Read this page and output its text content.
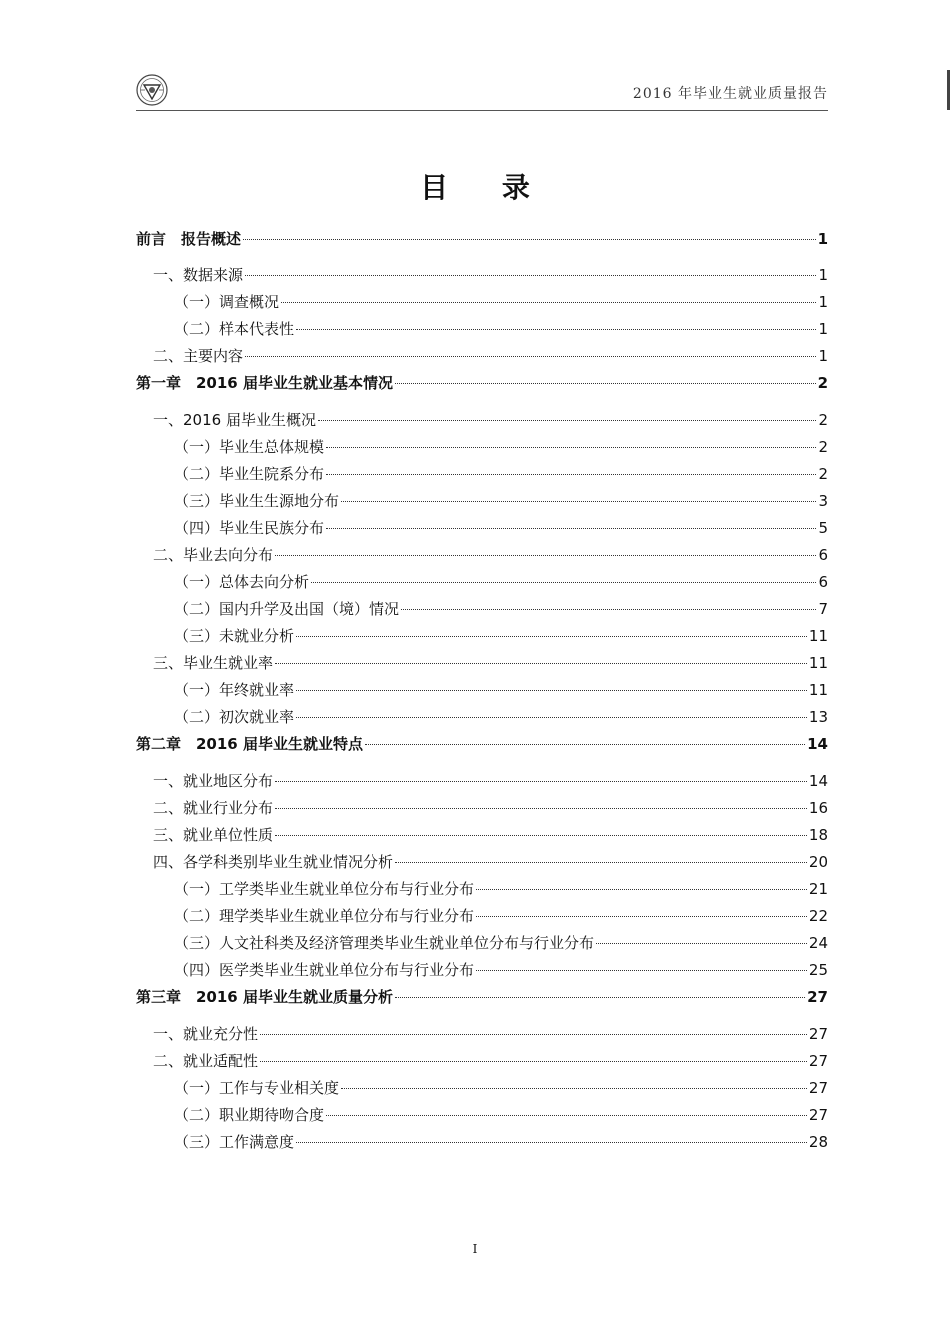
2016 年毕业生就业质量报告
目 录
前言　报告概述	1
一、数据来源	1
（一）调查概况	1
（二）样本代表性	1
二、主要内容	1
第一章　2016 届毕业生就业基本情况	2
一、2016 届毕业生概况	2
（一）毕业生总体规模	2
（二）毕业生院系分布	2
（三）毕业生生源地分布	3
（四）毕业生民族分布	5
二、毕业去向分布	6
（一）总体去向分析	6
（二）国内升学及出国（境）情况	7
（三）未就业分析	11
三、毕业生就业率	11
（一）年终就业率	11
（二）初次就业率	13
第二章　2016 届毕业生就业特点	14
一、就业地区分布	14
二、就业行业分布	16
三、就业单位性质	18
四、各学科类别毕业生就业情况分析	20
（一）工学类毕业生就业单位分布与行业分布	21
（二）理学类毕业生就业单位分布与行业分布	22
（三）人文社科类及经济管理类毕业生就业单位分布与行业分布	24
（四）医学类毕业生就业单位分布与行业分布	25
第三章　2016 届毕业生就业质量分析	27
一、就业充分性	27
二、就业适配性	27
（一）工作与专业相关度	27
（二）职业期待吻合度	27
（三）工作满意度	28
I
